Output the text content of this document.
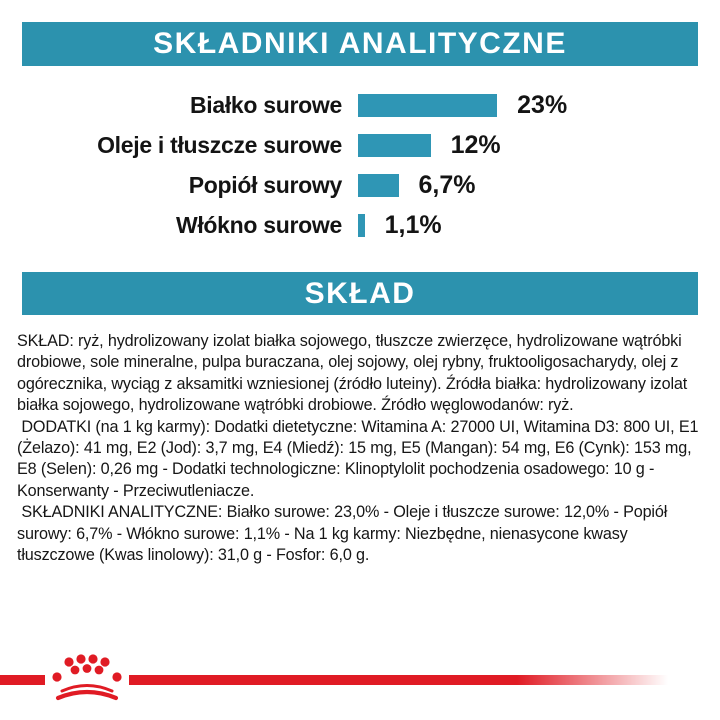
SKŁADNIKI ANALITYCZNE
Białko surowe	23%
Oleje i tłuszcze surowe	12%
Popiół surowy	6,7%
Włókno surowe	1,1%
SKŁAD

SKŁAD: ryż, hydrolizowany izolat białka sojowego, tłuszcze zwierzęce, hydrolizowane wątróbki drobiowe, sole mineralne, pulpa buraczana, olej sojowy, olej rybny, fruktooligosacharydy, olej z ogórecznika, wyciąg z aksamitki wzniesionej (źródło luteiny). Źródła białka: hydrolizowany izolat białka sojowego, hydrolizowane wątróbki drobiowe. Źródło węglowodanów: ryż.

DODATKI (na 1 kg karmy): Dodatki dietetyczne: Witamina A: 27000 UI, Witamina D3: 800 UI, E1 (Żelazo): 41 mg, E2 (Jod): 3,7 mg, E4 (Miedź): 15 mg, E5 (Mangan): 54 mg, E6 (Cynk): 153 mg, E8 (Selen): 0,26 mg - Dodatki technologiczne: Klinoptylolit pochodzenia osadowego: 10 g - Konserwanty - Przeciwutleniacze.

SKŁADNIKI ANALITYCZNE: Białko surowe: 23,0% - Oleje i tłuszcze surowe: 12,0% - Popiół surowy: 6,7% - Włókno surowe: 1,1% - Na 1 kg karmy: Niezbędne, nienasycone kwasy tłuszczowe (Kwas linolowy): 31,0 g - Fosfor: 6,0 g.
